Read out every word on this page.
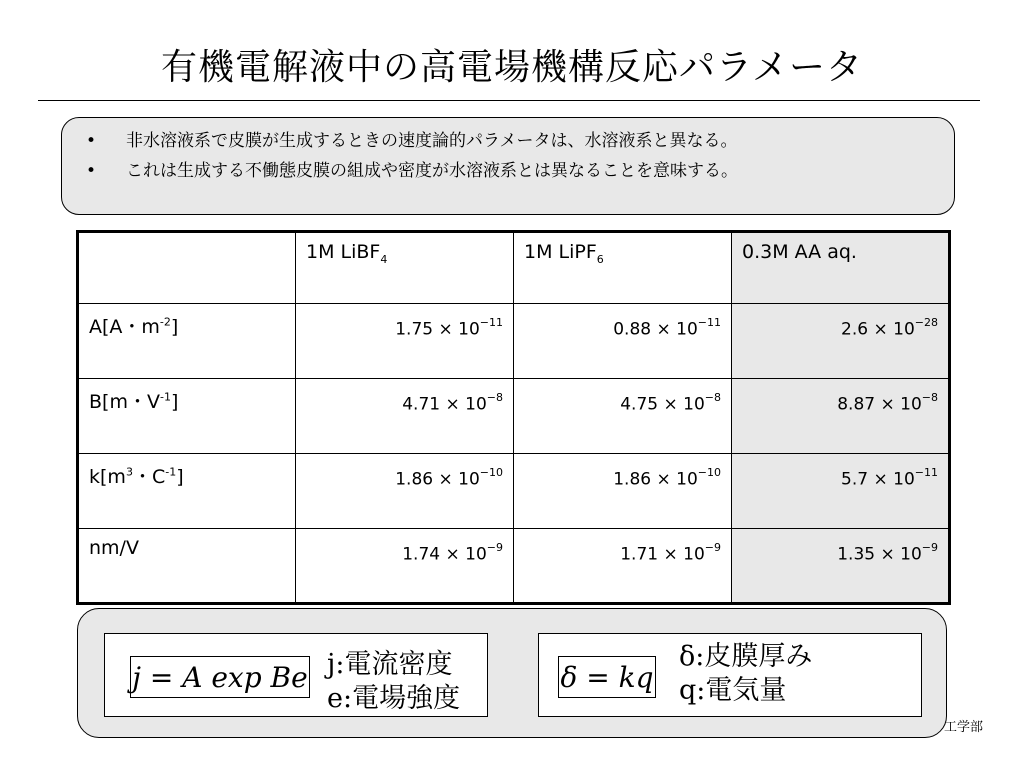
有機電解液中の高電場機構反応パラメータ
• 非水溶液系で皮膜が生成するときの速度論的パラメータは、水溶液系と異なる。
• これは生成する不働態皮膜の組成や密度が水溶液系とは異なることを意味する。
	1M LiBF$_4$	1M LiPF$_6$	0.3M AA aq.
A[A・$m^{-2}$]	$1.75 \times 10^{-11}$	$0.88 \times 10^{-11}$	$2.6 \times 10^{-28}$
B[m・$V^{-1}$]	$4.71 \times 10^{-8}$	$4.75 \times 10^{-8}$	$8.87 \times 10^{-8}$
$k[m^3$・$C^{-1}$]	$1.86 \times 10^{-10}$	$1.86 \times 10^{-10}$	$5.7 \times 10^{-11}$
nm/V	$1.74 \times 10^{-9}$	$1.71 \times 10^{-9}$	$1.35 \times 10^{-9}$
j = A exp Be j:電流密度
e:電場強度
δ = kq
δ:皮膜厚み
q:電気量
工学部
